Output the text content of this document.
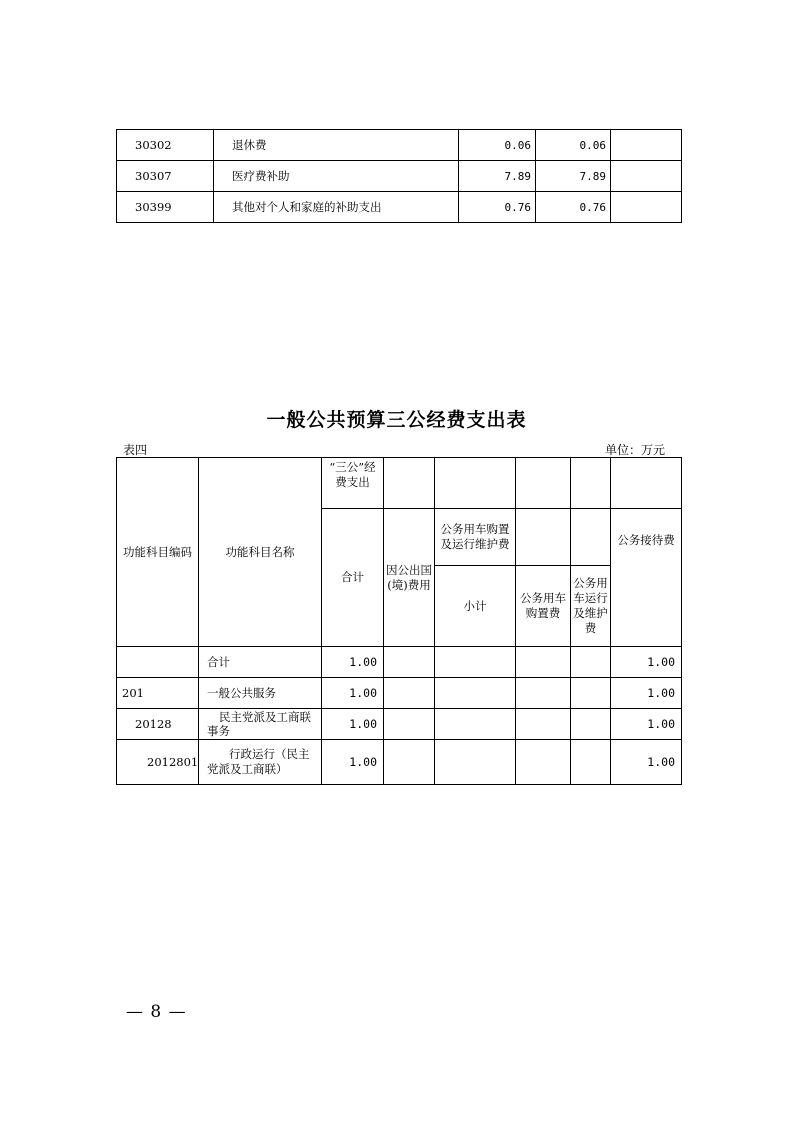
30302	退休费	0.06	0.06	
30307	医疗费补助	7.89	7.89	
30399	其他对个人和家庭的补助支出	0.76	0.76	
一般公共预算三公经费支出表
表四	单位：万元
功能科目编码	功能科目名称	“三公”经费支出					
		合计	因公出国(境)费用	公务用车购置及运行维护费			公务接待费
				小计	公务用车购置费	公务用车运行及维护费	
	合计	1.00					1.00
201	一般公共服务	1.00					1.00
20128	民主党派及工商联事务	1.00					1.00
2012801	行政运行（民主党派及工商联）	1.00					1.00
— 8 —
